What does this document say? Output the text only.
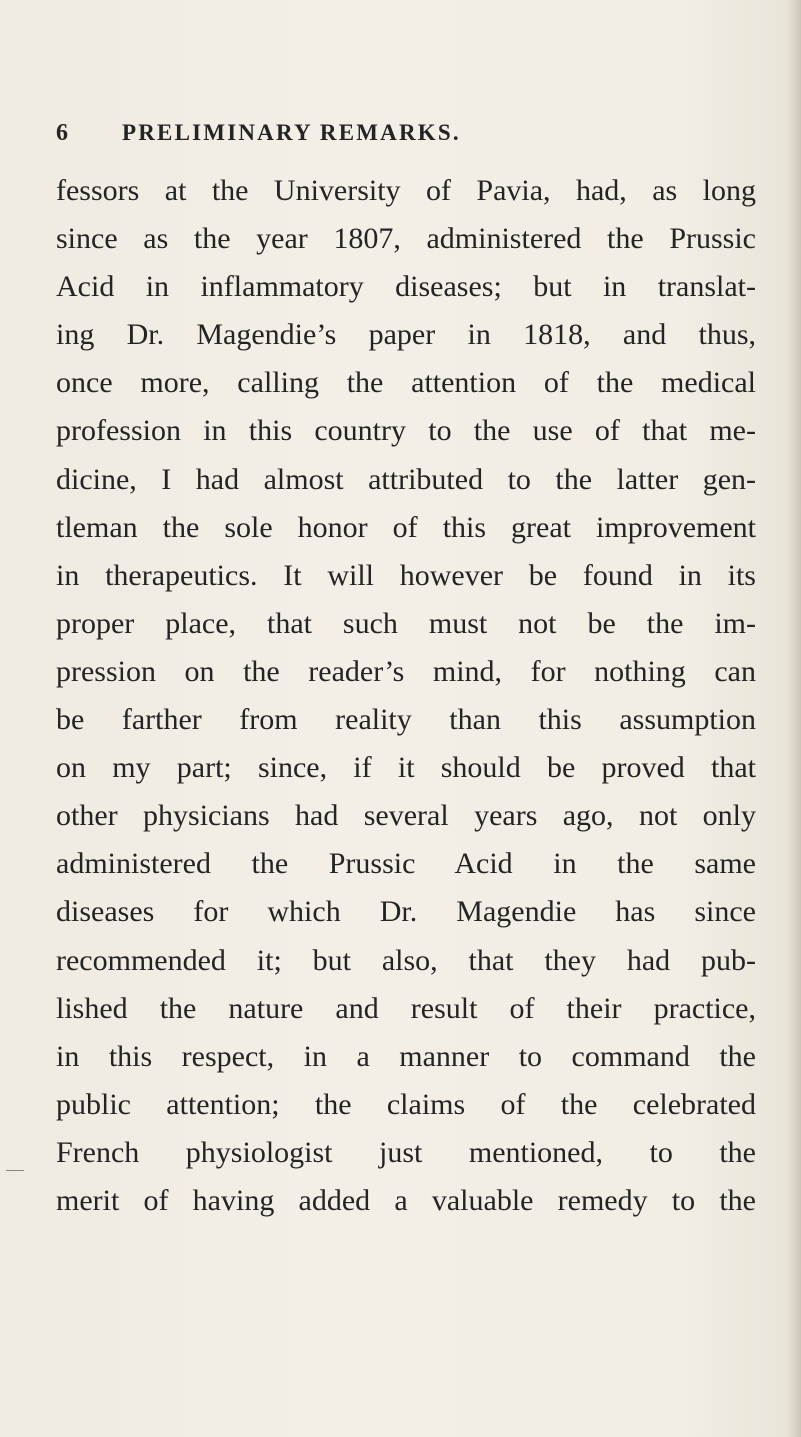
6 PRELIMINARY REMARKS.
fessors at the University of Pavia, had, as long
since as the year 1807, administered the Prussic
Acid in inflammatory diseases; but in translat-
ing Dr. Magendie’s paper in 1818, and thus,
once more, calling the attention of the medical
profession in this country to the use of that me-
dicine, I had almost attributed to the latter gen-
tleman the sole honor of this great improvement
in therapeutics. It will however be found in its
proper place, that such must not be the im-
pression on the reader’s mind, for nothing can
be farther from reality than this assumption
on my part; since, if it should be proved that
other physicians had several years ago, not only
administered the Prussic Acid in the same
diseases for which Dr. Magendie has since
recommended it; but also, that they had pub-
lished the nature and result of their practice,
in this respect, in a manner to command the
public attention; the claims of the celebrated
French physiologist just mentioned, to the
merit of having added a valuable remedy to the
